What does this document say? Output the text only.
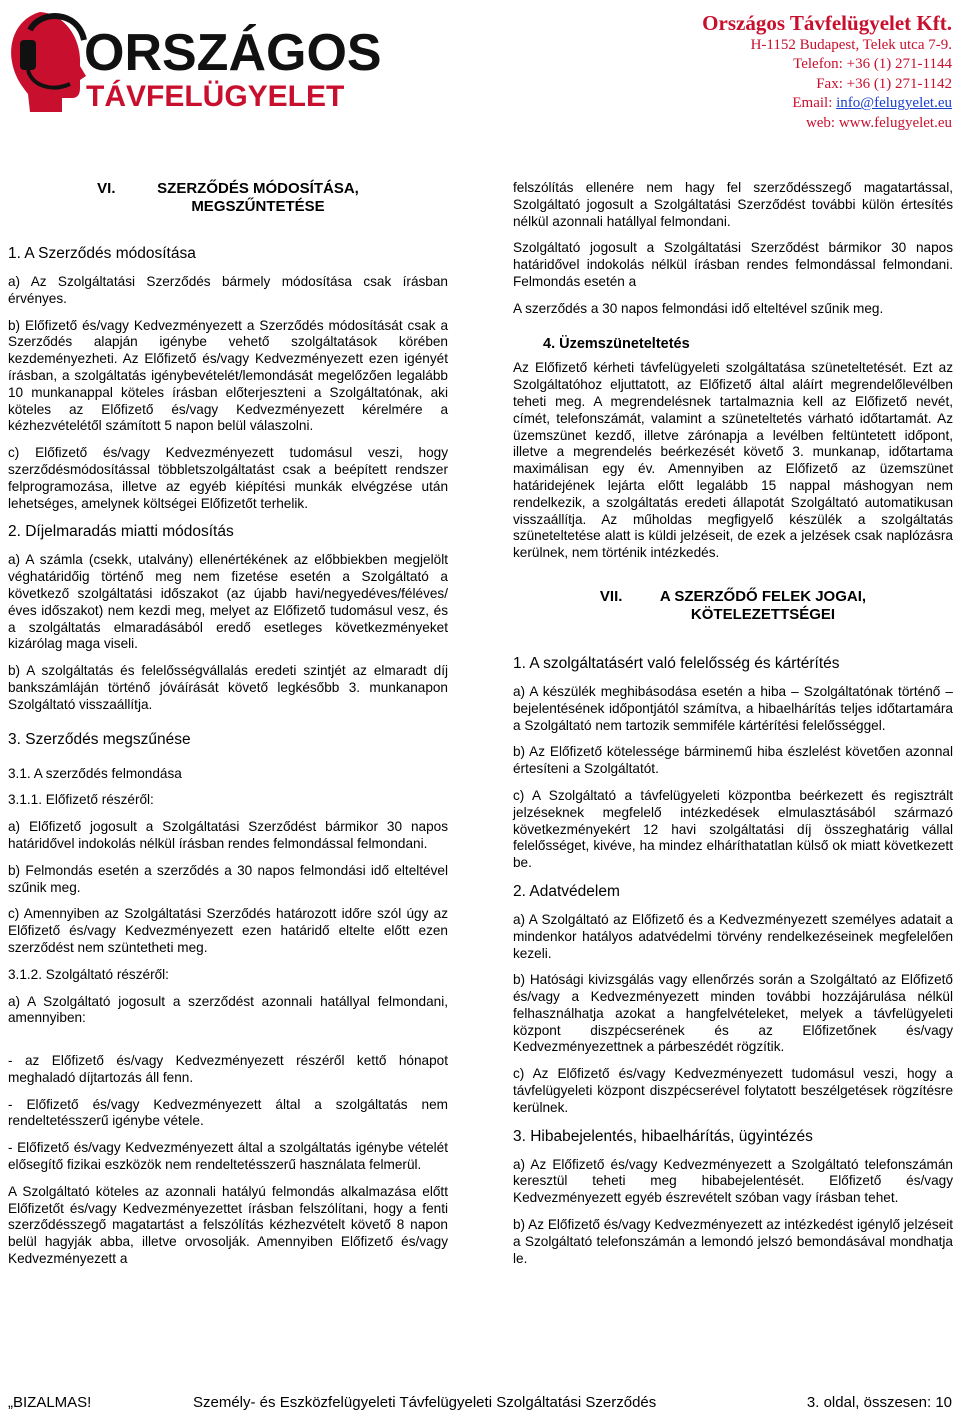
ORSZÁGOS
TÁVFELÜGYELET
Országos Távfelügyelet Kft.
H-1152 Budapest, Telek utca 7-9.
Telefon: +36 (1) 271-1144
Fax: +36 (1) 271-1142
Email: info@felugyelet.eu
web: www.felugyelet.eu
VI.	SZERZŐDÉS MÓDOSÍTÁSA,
MEGSZŰNTETÉSE
1. A Szerződés módosítása

a) Az Szolgáltatási Szerződés bármely módosítása csak írásban érvényes.

b) Előfizető és/vagy Kedvezményezett a Szerződés módosítását csak a Szerződés alapján igénybe vehető szolgáltatások körében kezdeményezheti. Az Előfizető és/vagy Kedvezményezett ezen igényét írásban, a szolgáltatás igénybevételét/lemondását megelőzően legalább 10 munkanappal köteles írásban előterjeszteni a Szolgáltatónak, aki köteles az Előfizető és/vagy Kedvezményezett kérelmére a kézhezvételétől számított 5 napon belül válaszolni.

c) Előfizető és/vagy Kedvezményezett tudomásul veszi, hogy szerződésmódosítással többletszolgáltatást csak a beépített rendszer felprogramozása, illetve az egyéb kiépítési munkák elvégzése után lehetséges, amelynek költségei Előfizetőt terhelik.

2. Díjelmaradás miatti módosítás

a) A számla (csekk, utalvány) ellenértékének az előbbiekben megjelölt véghatáridőig történő meg nem fizetése esetén a Szolgáltató a következő szolgáltatási időszakot (az újabb havi/negyedéves/féléves/éves időszakot) nem kezdi meg, melyet az Előfizető tudomásul vesz, és a szolgáltatás elmaradásából eredő esetleges következményeket kizárólag maga viseli.

b) A szolgáltatás és felelősségvállalás eredeti szintjét az elmaradt díj bankszámláján történő jóváírását követő legkésőbb 3. munkanapon Szolgáltató visszaállítja.

3. Szerződés megszűnése
3.1. A szerződés felmondása
3.1.1. Előfizető részéről:

a) Előfizető jogosult a Szolgáltatási Szerződést bármikor 30 napos határidővel indokolás nélkül írásban rendes felmondással felmondani.

b) Felmondás esetén a szerződés a 30 napos felmondási idő elteltével szűnik meg.

c) Amennyiben az Szolgáltatási Szerződés határozott időre szól úgy az Előfizető és/vagy Kedvezményezett ezen határidő eltelte előtt ezen szerződést nem szüntetheti meg.

3.1.2. Szolgáltató részéről:

a) A Szolgáltató jogosult a szerződést azonnali hatállyal felmondani, amennyiben:

- az Előfizető és/vagy Kedvezményezett részéről kettő hónapot meghaladó díjtartozás áll fenn.

- Előfizető és/vagy Kedvezményezett által a szolgáltatás nem rendeltetésszerű igénybe vétele.

- Előfizető és/vagy Kedvezményezett által a szolgáltatás igénybe vételét elősegítő fizikai eszközök nem rendeltetésszerű használata felmerül.

A Szolgáltató köteles az azonnali hatályú felmondás alkalmazása előtt Előfizetőt és/vagy Kedvezményezettet írásban felszólítani, hogy a fenti szerződésszegő magatartást a felszólítás kézhezvételt követő 8 napon belül hagyják abba, illetve orvosolják. Amennyiben Előfizető és/vagy Kedvezményezett a

felszólítás ellenére nem hagy fel szerződésszegő magatartással, Szolgáltató jogosult a Szolgáltatási Szerződést további külön értesítés nélkül azonnali hatállyal felmondani.

Szolgáltató jogosult a Szolgáltatási Szerződést bármikor 30 napos határidővel indokolás nélkül írásban rendes felmondással felmondani. Felmondás esetén a

A szerződés a 30 napos felmondási idő elteltével szűnik meg.

4. Üzemszüneteltetés

Az Előfizető kérheti távfelügyeleti szolgáltatása szüneteltetését. Ezt az Szolgáltatóhoz eljuttatott, az Előfizető által aláírt megrendelőlevélben teheti meg. A megrendelésnek tartalmaznia kell az Előfizető nevét, címét, telefonszámát, valamint a szüneteltetés várható időtartamát. Az üzemszünet kezdő, illetve zárónapja a levélben feltüntetett időpont, illetve a megrendelés beérkezését követő 3. munkanap, időtartama maximálisan egy év. Amennyiben az Előfizető az üzemszünet határidejének lejárta előtt legalább 15 nappal máshogyan nem rendelkezik, a szolgáltatás eredeti állapotát Szolgáltató automatikusan visszaállítja. Az műholdas megfigyelő készülék a szolgáltatás szüneteltetése alatt is küldi jelzéseit, de ezek a jelzések csak naplózásra kerülnek, nem történik intézkedés.

VII. A SZERZŐDŐ FELEK JOGAI,
KÖTELEZETTSÉGEI
1. A szolgáltatásért való felelősség és kártérítés

a) A készülék meghibásodása esetén a hiba – Szolgáltatónak történő – bejelentésének időpontjától számítva, a hibaelhárítás teljes időtartamára a Szolgáltató nem tartozik semmiféle kártérítési felelősséggel.

b) Az Előfizető kötelessége bárminemű hiba észlelést követően azonnal értesíteni a Szolgáltatót.

c) A Szolgáltató a távfelügyeleti központba beérkezett és regisztrált jelzéseknek megfelelő intézkedések elmulasztásából származó következményekért 12 havi szolgáltatási díj összeghatárig vállal felelősséget, kivéve, ha mindez elháríthatatlan külső ok miatt következett be.

2. Adatvédelem

a) A Szolgáltató az Előfizető és a Kedvezményezett személyes adatait a mindenkor hatályos adatvédelmi törvény rendelkezéseinek megfelelően kezeli.

b) Hatósági kivizsgálás vagy ellenőrzés során a Szolgáltató az Előfizető és/vagy a Kedvezményezett minden további hozzájárulása nélkül felhasználhatja azokat a hangfelvételeket, melyek a távfelügyeleti központ diszpécserének és az Előfizetőnek és/vagy Kedvezményezettnek a párbeszédét rögzítik.

c) Az Előfizető és/vagy Kedvezményezett tudomásul veszi, hogy a távfelügyeleti központ diszpécserével folytatott beszélgetések rögzítésre kerülnek.

3. Hibabejelentés, hibaelhárítás, ügyintézés

a) Az Előfizető és/vagy Kedvezményezett a Szolgáltató telefonszámán keresztül teheti meg hibabejelentését. Előfizető és/vagy Kedvezményezett egyéb észrevételt szóban vagy írásban tehet.

b) Az Előfizető és/vagy Kedvezményezett az intézkedést igénylő jelzéseit a Szolgáltató telefonszámán a lemondó jelszó bemondásával mondhatja le.

„BIZALMAS!	Személy- és Eszközfelügyeleti Távfelügyeleti Szolgáltatási Szerződés	3. oldal, összesen: 10
